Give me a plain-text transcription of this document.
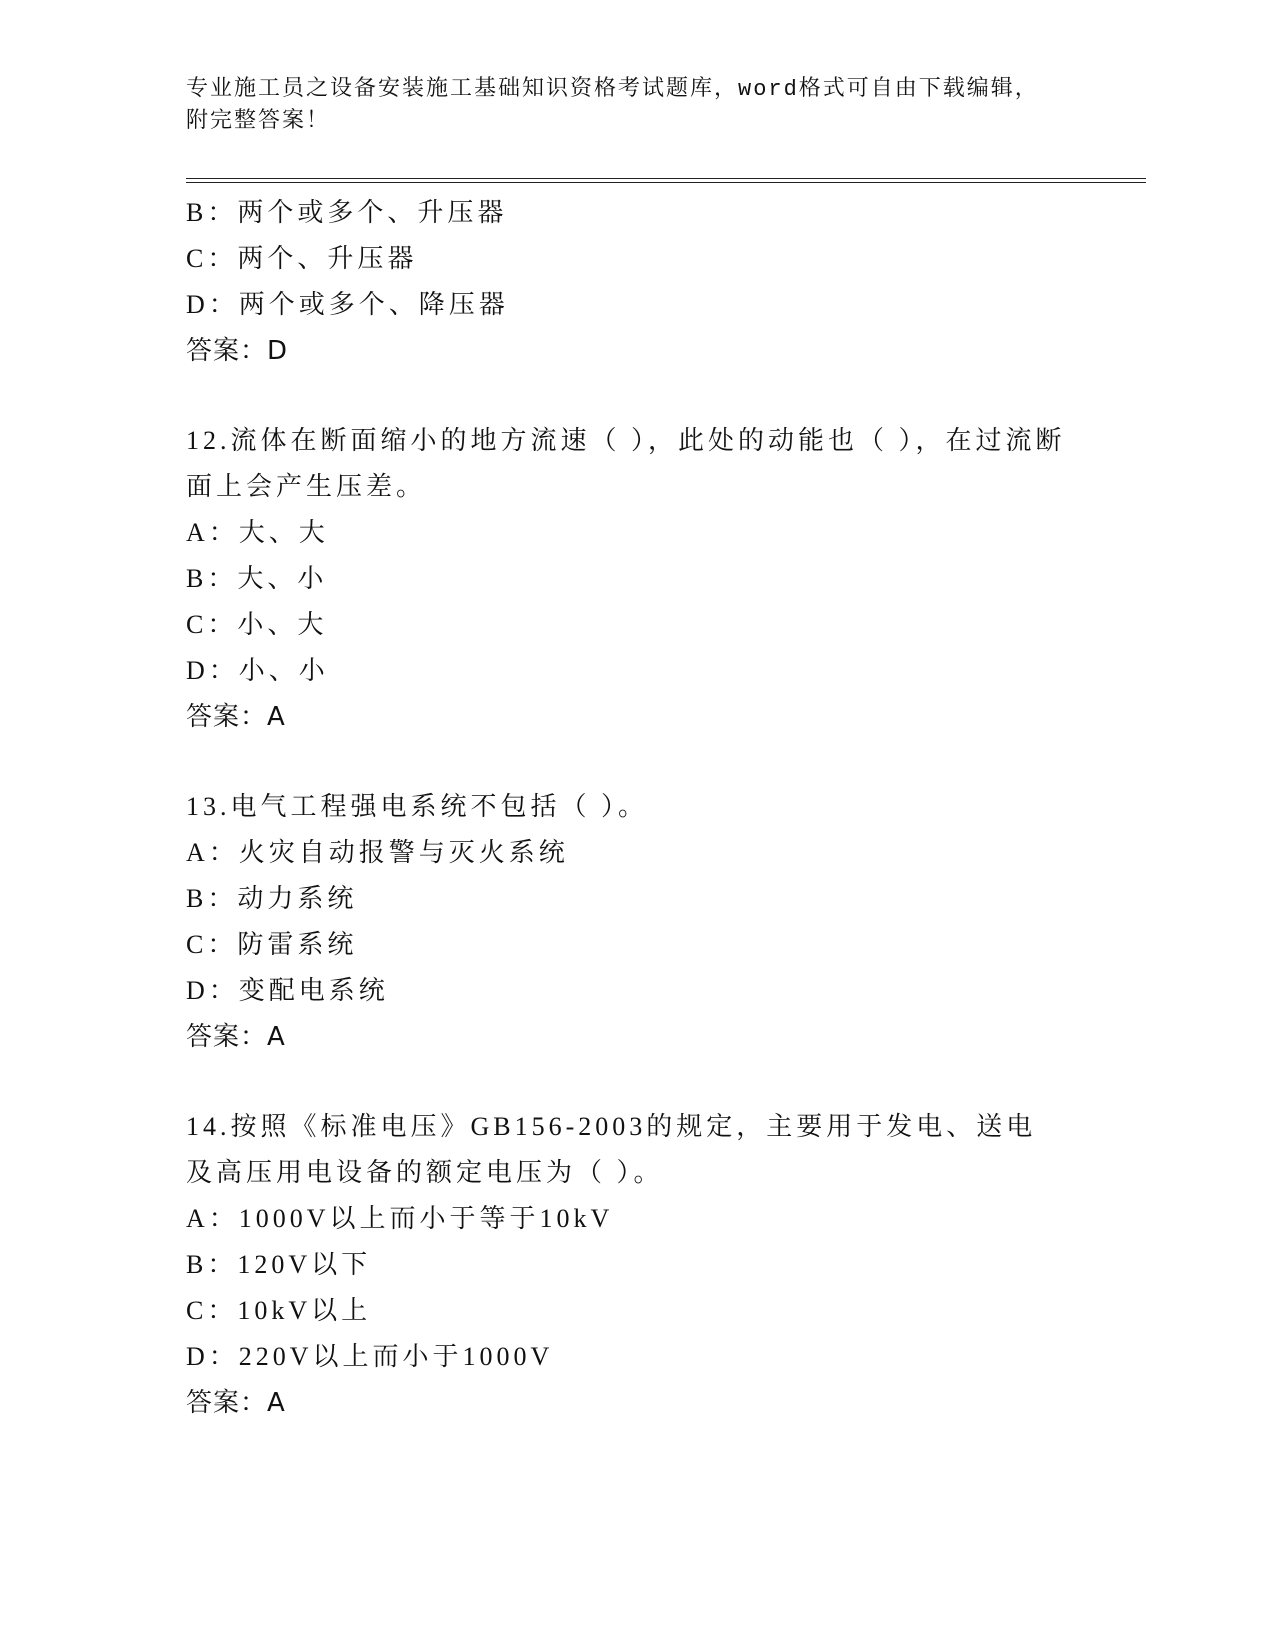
专业施工员之设备安装施工基础知识资格考试题库，word格式可自由下载编辑，
附完整答案！
B：两个或多个、升压器
C：两个、升压器
D：两个或多个、降压器
答案：D
12.流体在断面缩小的地方流速（ ），此处的动能也（ ），在过流断面上会产生压差。
A：大、大
B：大、小
C：小、大
D：小、小
答案：A
13.电气工程强电系统不包括（ ）。
A：火灾自动报警与灭火系统
B：动力系统
C：防雷系统
D：变配电系统
答案：A
14.按照《标准电压》GB156-2003的规定，主要用于发电、送电及高压用电设备的额定电压为（ ）。
A：1000V以上而小于等于10kV
B：120V以下
C：10kV以上
D：220V以上而小于1000V
答案：A
